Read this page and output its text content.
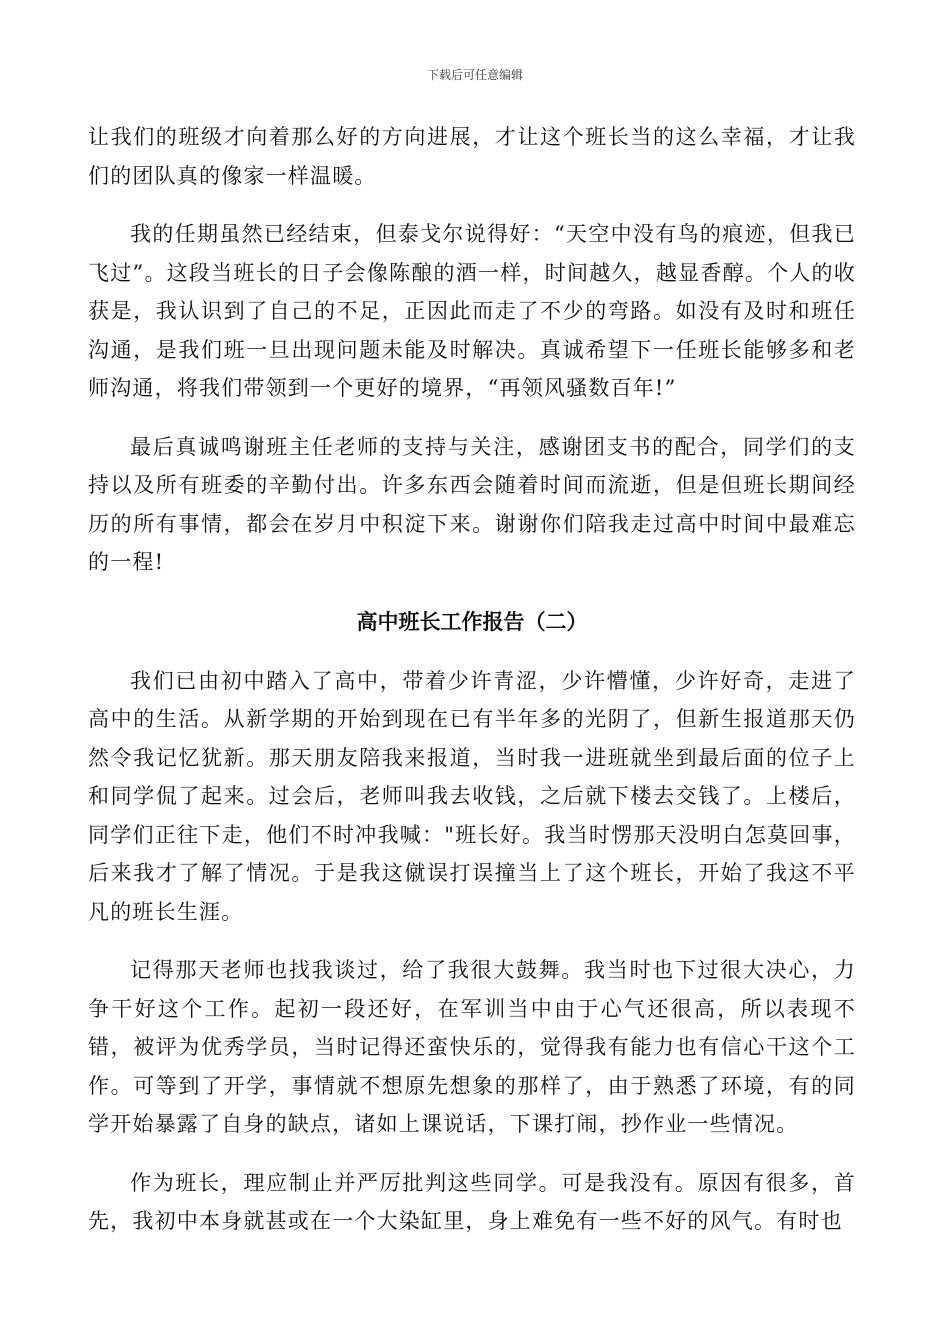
下载后可任意编辑

让我们的班级才向着那么好的方向进展，才让这个班长当的这么幸福，才让我们的团队真的像家一样温暖。

我的任期虽然已经结束，但泰戈尔说得好：“天空中没有鸟的痕迹，但我已飞过”。这段当班长的日子会像陈酿的酒一样，时间越久，越显香醇。个人的收获是，我认识到了自己的不足，正因此而走了不少的弯路。如没有及时和班任沟通，是我们班一旦出现问题未能及时解决。真诚希望下一任班长能够多和老师沟通，将我们带领到一个更好的境界，“再领风骚数百年!”

最后真诚鸣谢班主任老师的支持与关注，感谢团支书的配合，同学们的支持以及所有班委的辛勤付出。许多东西会随着时间而流逝，但是但班长期间经历的所有事情，都会在岁月中积淀下来。谢谢你们陪我走过高中时间中最难忘的一程!

高中班长工作报告（二）

我们已由初中踏入了高中，带着少许青涩，少许懵懂，少许好奇，走进了高中的生活。从新学期的开始到现在已有半年多的光阴了，但新生报道那天仍然令我记忆犹新。那天朋友陪我来报道，当时我一进班就坐到最后面的位子上和同学侃了起来。过会后，老师叫我去收钱，之后就下楼去交钱了。上楼后，同学们正往下走，他们不时冲我喊："班长好。我当时愣那天没明白怎莫回事，后来我才了解了情况。于是我这僦误打误撞当上了这个班长，开始了我这不平凡的班长生涯。

记得那天老师也找我谈过，给了我很大鼓舞。我当时也下过很大决心，力争干好这个工作。起初一段还好，在军训当中由于心气还很高，所以表现不错，被评为优秀学员，当时记得还蛮快乐的，觉得我有能力也有信心干这个工作。可等到了开学，事情就不想原先想象的那样了，由于熟悉了环境，有的同学开始暴露了自身的缺点，诸如上课说话，下课打闹，抄作业一些情况。

作为班长，理应制止并严厉批判这些同学。可是我没有。原因有很多，首先，我初中本身就甚或在一个大染缸里，身上难免有一些不好的风气。有时也
